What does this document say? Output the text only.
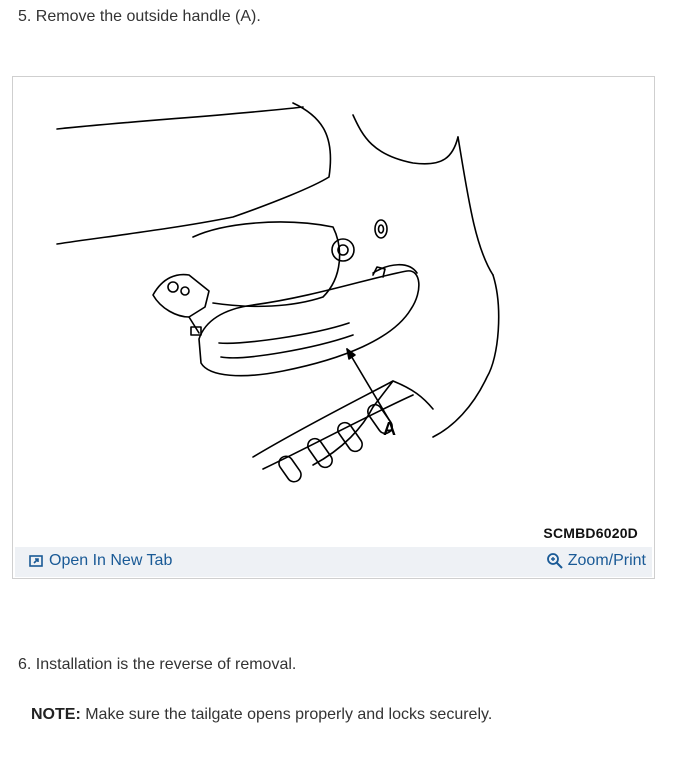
5. Remove the outside handle (A).
A
SCMBD6020D
Open In New Tab	Zoom/Print
6. Installation is the reverse of removal.
NOTE: Make sure the tailgate opens properly and locks securely.
